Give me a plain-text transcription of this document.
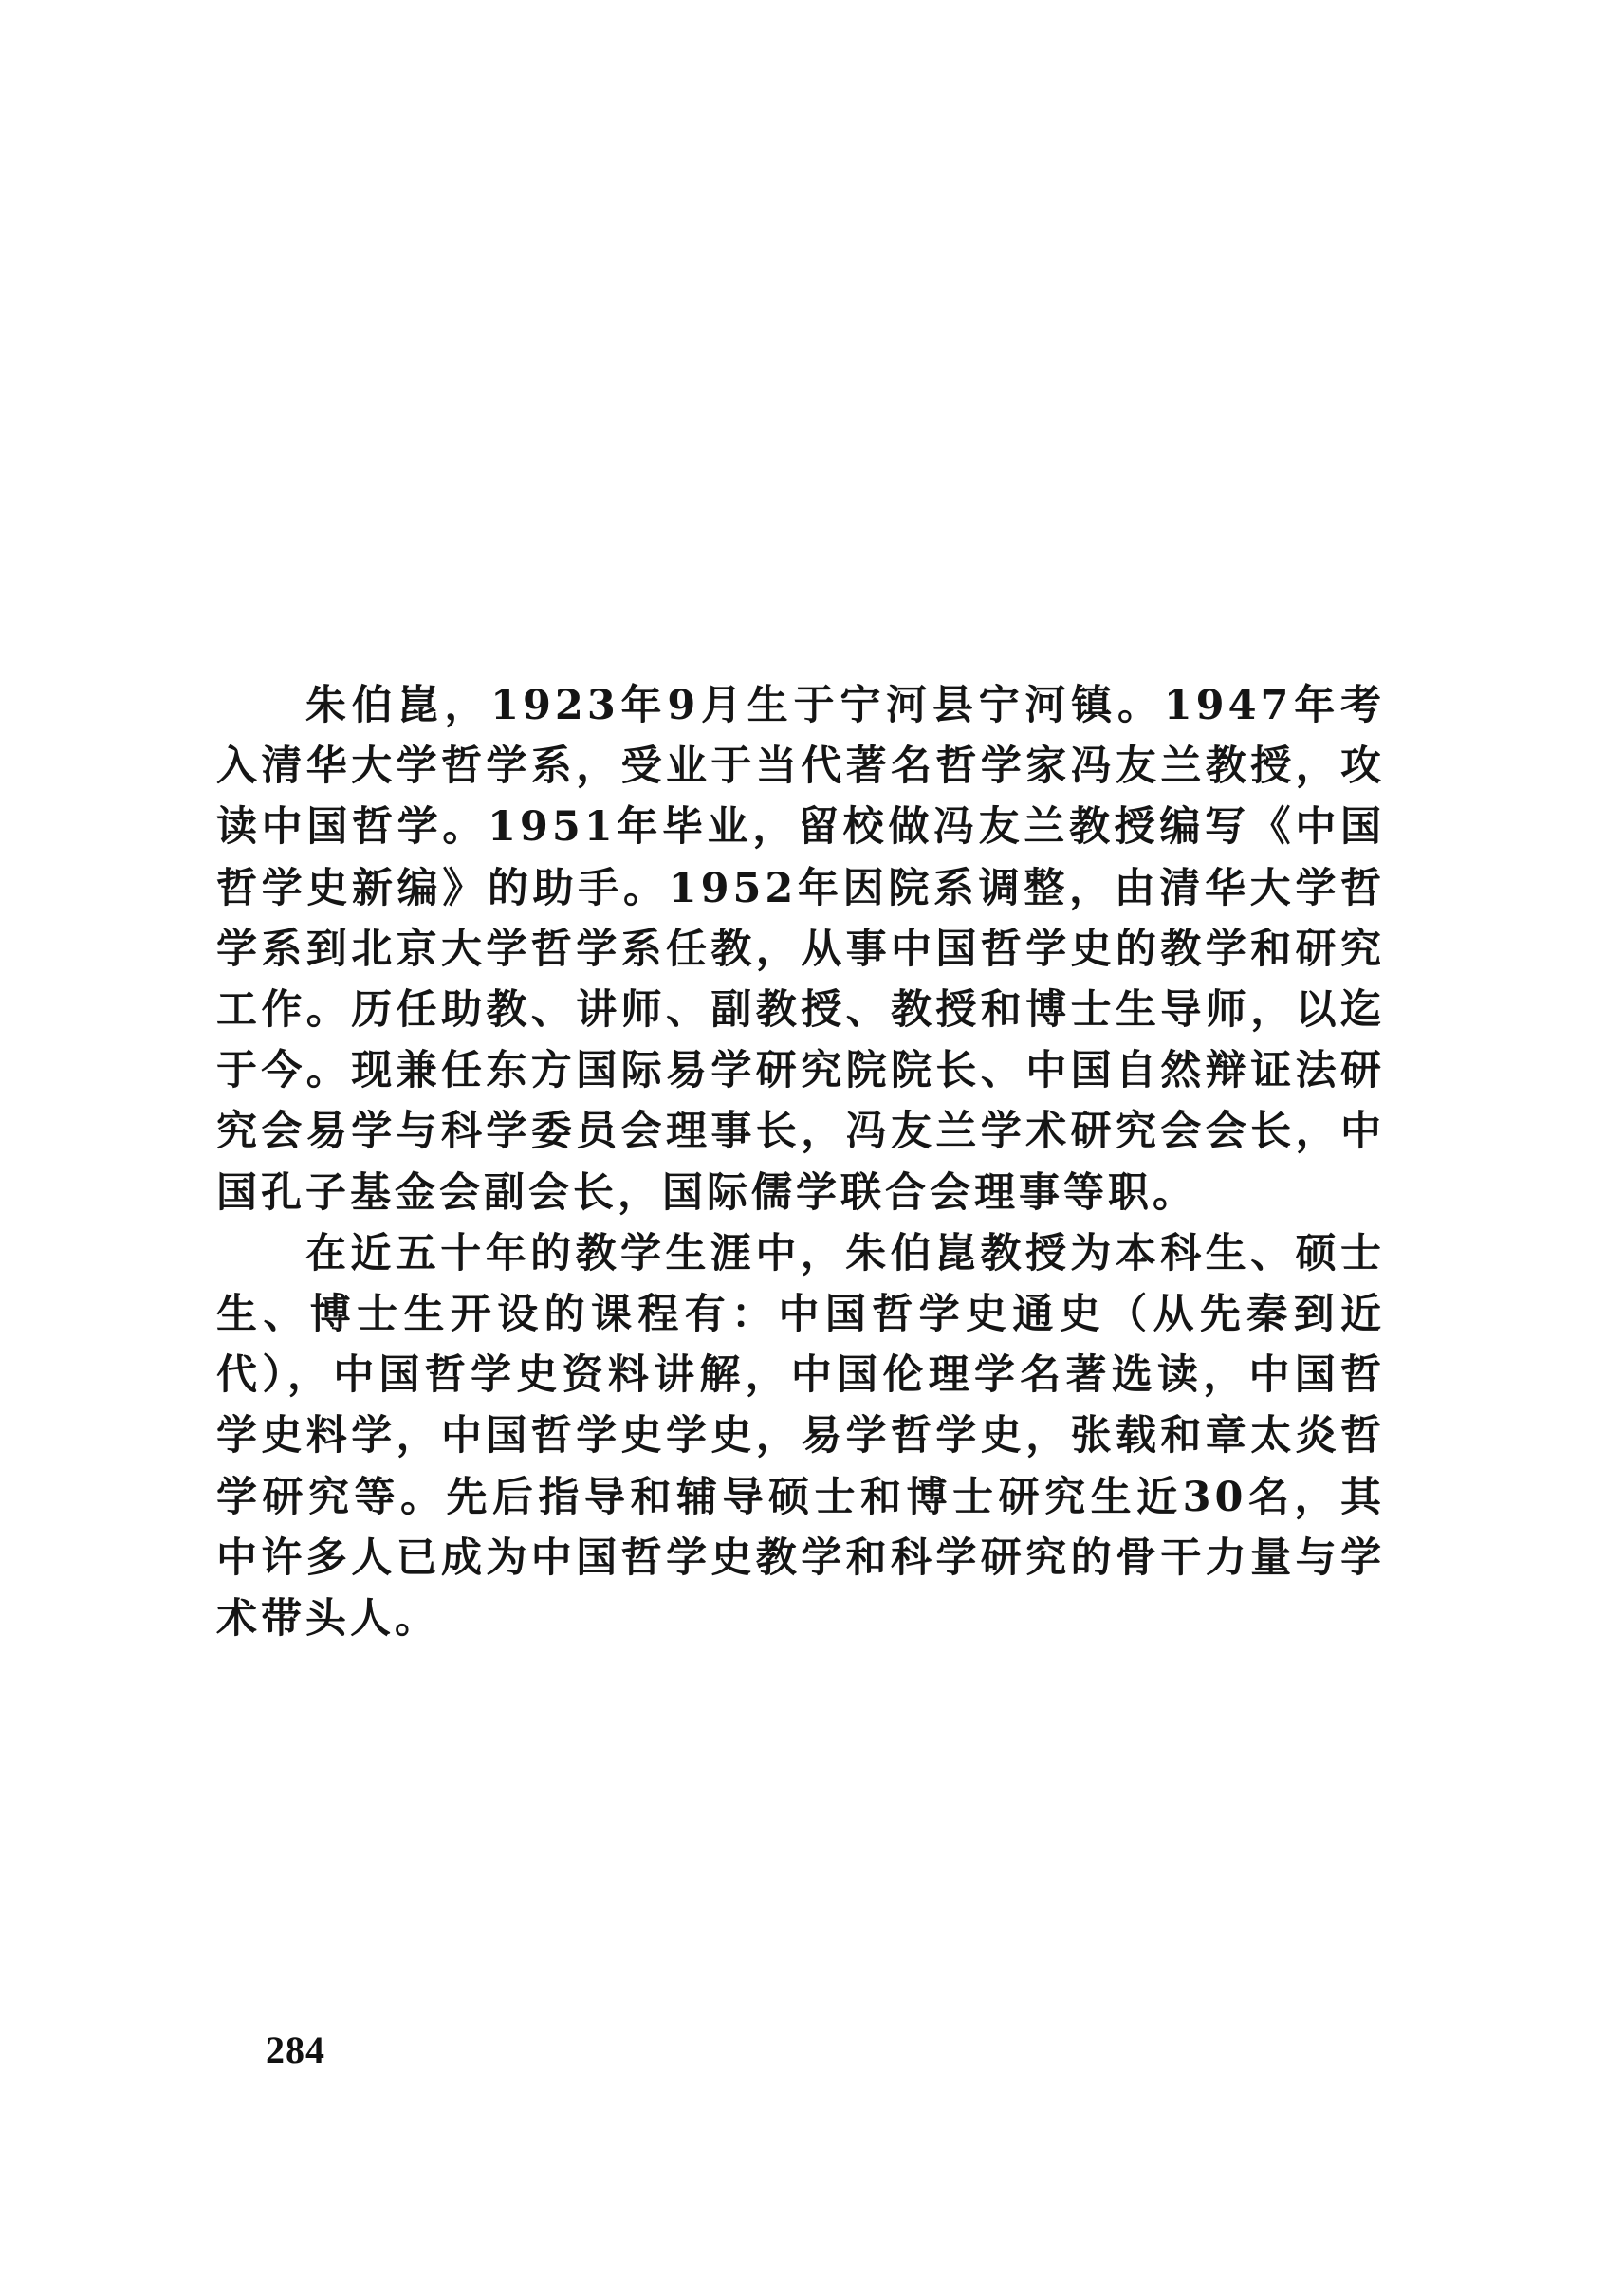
朱伯崑，1923年9月生于宁河县宁河镇。1947年考入清华大学哲学系，受业于当代著名哲学家冯友兰教授，攻读中国哲学。1951年毕业，留校做冯友兰教授编写《中国哲学史新编》的助手。1952年因院系调整，由清华大学哲学系到北京大学哲学系任教，从事中国哲学史的教学和研究工作。历任助教、讲师、副教授、教授和博士生导师，以迄于今。现兼任东方国际易学研究院院长、中国自然辩证法研究会易学与科学委员会理事长，冯友兰学术研究会会长，中国孔子基金会副会长，国际儒学联合会理事等职。

在近五十年的教学生涯中，朱伯崑教授为本科生、硕士生、博士生开设的课程有：中国哲学史通史（从先秦到近代），中国哲学史资料讲解，中国伦理学名著选读，中国哲学史料学，中国哲学史学史，易学哲学史，张载和章太炎哲学研究等。先后指导和辅导硕士和博士研究生近30名，其中许多人已成为中国哲学史教学和科学研究的骨干力量与学术带头人。

284
